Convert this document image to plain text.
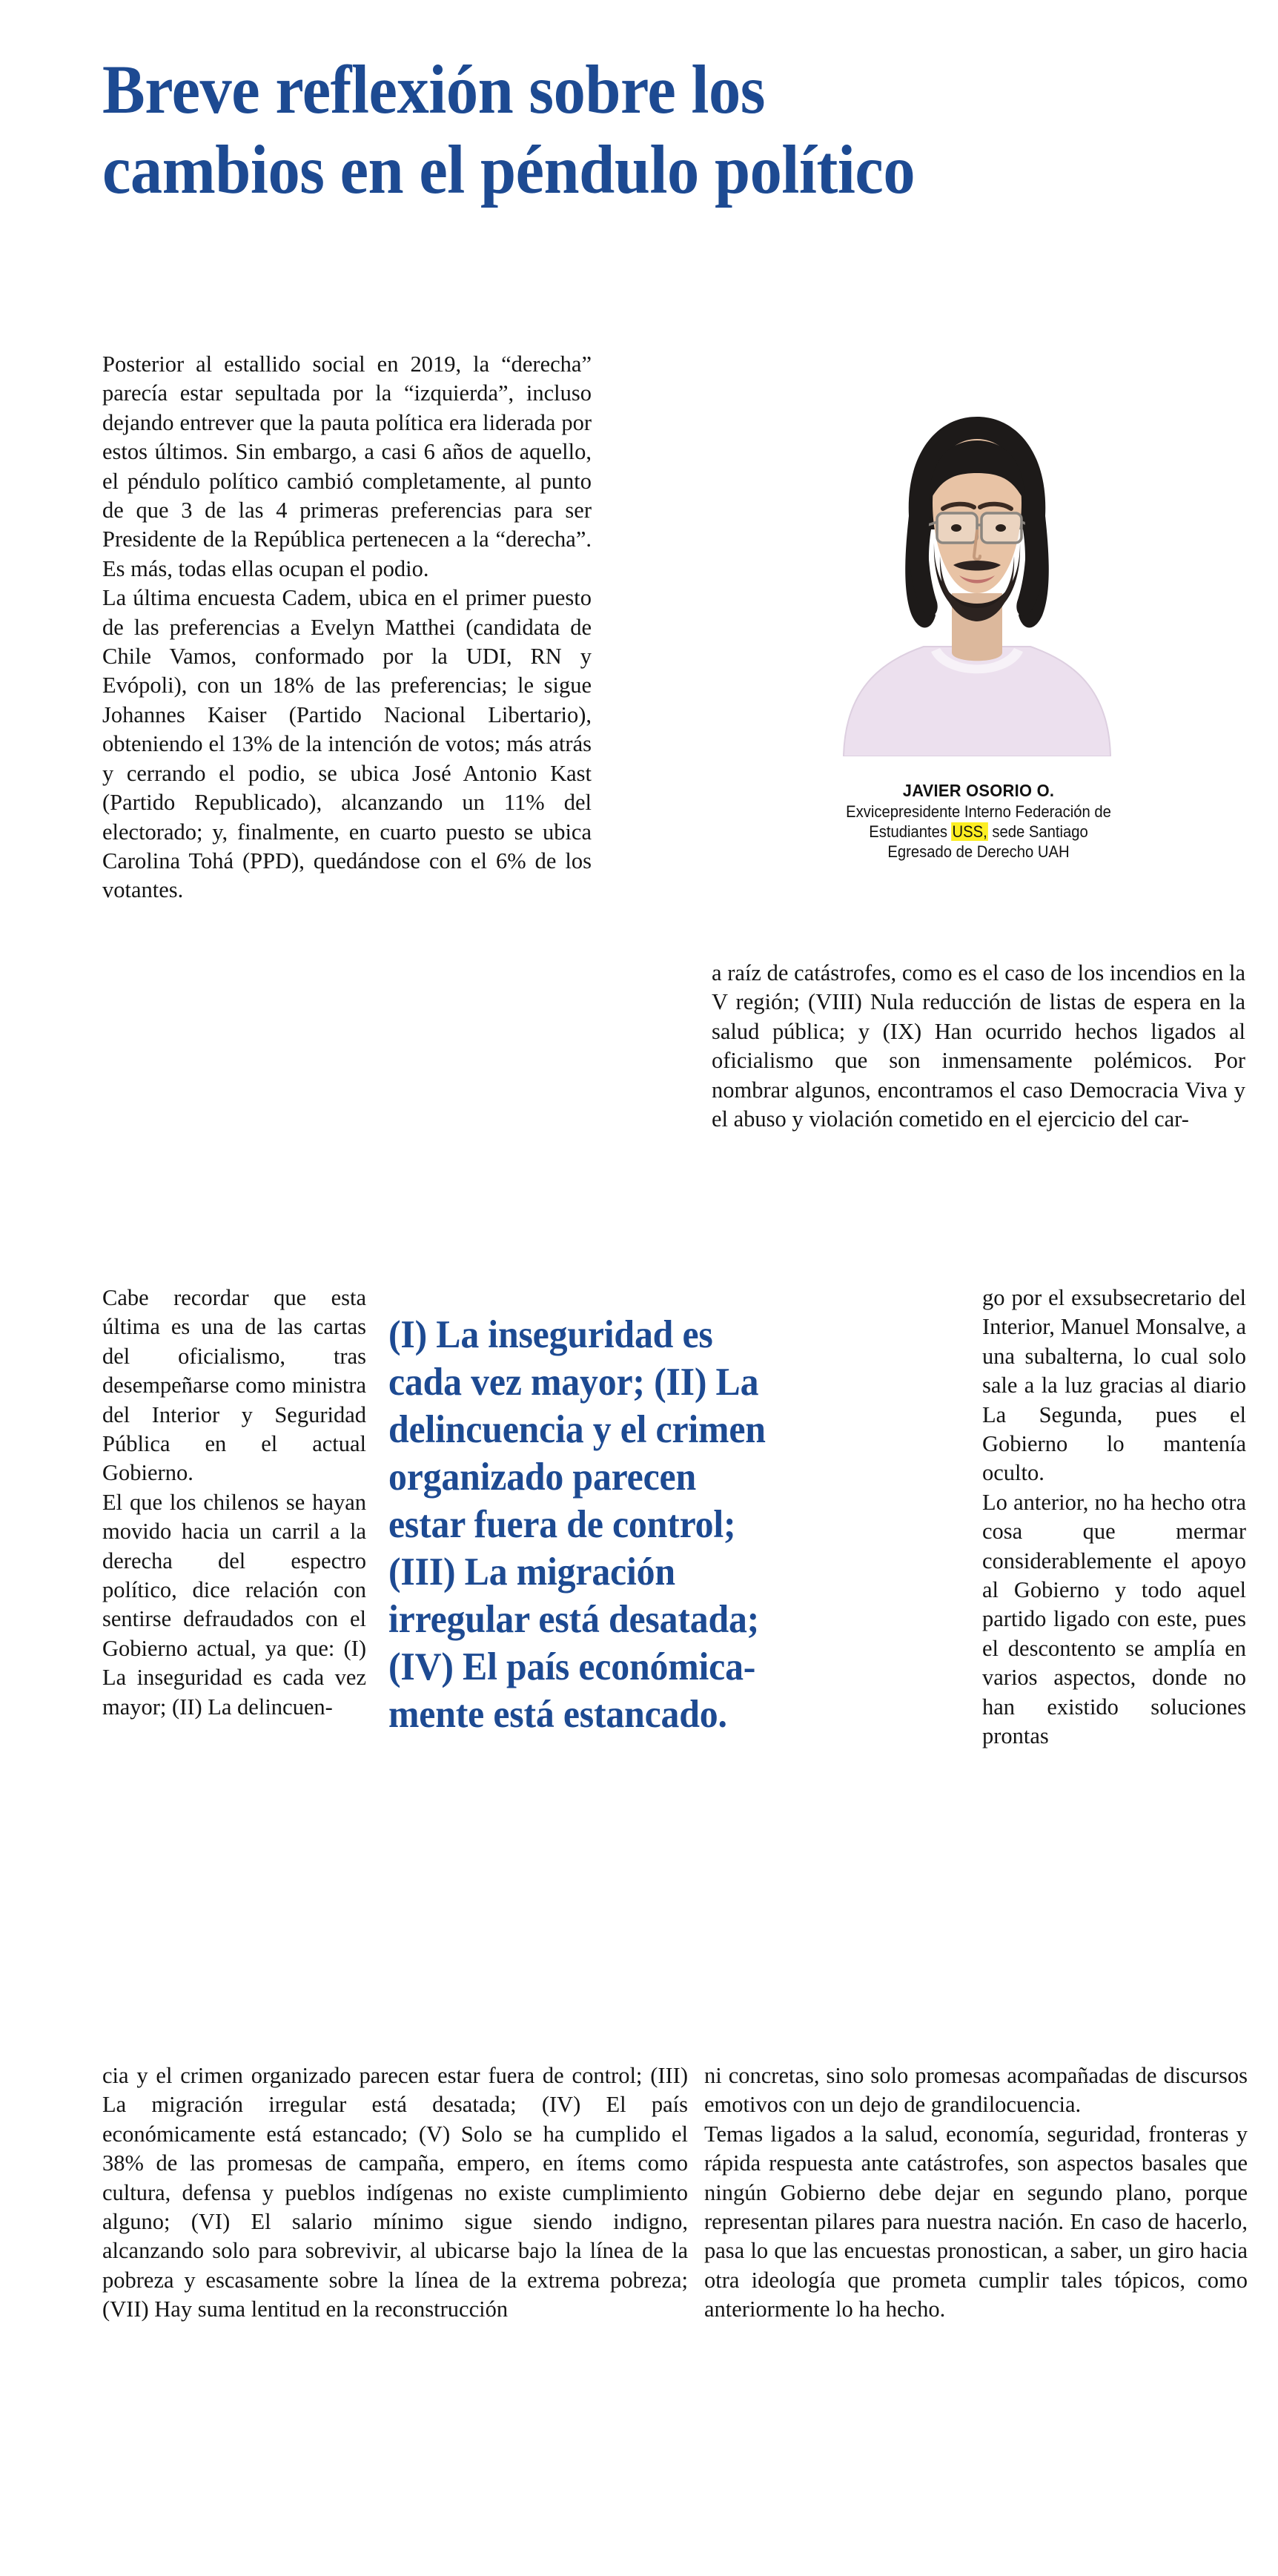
Breve reflexión sobre los
cambios en el péndulo político

Posterior al estallido social en 2019, la “derecha” parecía estar sepultada por la “izquierda”, incluso dejando entrever que la pauta política era liderada por estos últimos. Sin embargo, a casi 6 años de aquello, el péndulo político cambió completamente, al punto de que 3 de las 4 primeras preferencias para ser Presidente de la República pertenecen a la “derecha”. Es más, todas ellas ocupan el podio.

La última encuesta Cadem, ubica en el primer puesto de las preferencias a Evelyn Matthei (candidata de Chile Vamos, conformado por la UDI, RN y Evópoli), con un 18% de las preferencias; le sigue Johannes Kaiser (Partido Nacional Libertario), obteniendo el 13% de la intención de votos; más atrás y cerrando el podio, se ubica José Antonio Kast (Partido Republicado), alcanzando un 11% del electorado; y, finalmente, en cuarto puesto se ubica Carolina Tohá (PPD), quedándose con el 6% de los votantes.

JAVIER OSORIO O.
Exvicepresidente Interno Federación de
Estudiantes USS, sede Santiago
Egresado de Derecho UAH

a raíz de catástrofes, como es el caso de los incendios en la V región; (VIII) Nula reducción de listas de espera en la salud pública; y (IX) Han ocurrido hechos ligados al oficialismo que son inmensamente polémicos. Por nombrar algunos, encontramos el caso Democracia Viva y el abuso y violación cometido en el ejercicio del car-

Cabe recordar que esta última es una de las cartas del oficialismo, tras desempeñarse como ministra del Interior y Seguridad Pública en el actual Gobierno.

El que los chilenos se hayan movido hacia un carril a la derecha del espectro político, dice relación con sentirse defraudados con el Gobierno actual, ya que: (I) La inseguridad es cada vez mayor; (II) La delincuen-

(I) La inseguridad es
cada vez mayor; (II) La
delincuencia y el crimen
organizado parecen
estar fuera de control;
(III) La migración
irregular está desatada;
(IV) El país económica-
mente está estancado.

go por el exsubsecretario del Interior, Manuel Monsalve, a una subalterna, lo cual solo sale a la luz gracias al diario La Segunda, pues el Gobierno lo mantenía oculto.

Lo anterior, no ha hecho otra cosa que mermar considerablemente el apoyo al Gobierno y todo aquel partido ligado con este, pues el descontento se amplía en varios aspectos, donde no han existido soluciones prontas

cia y el crimen organizado parecen estar fuera de control; (III) La migración irregular está desatada; (IV) El país económicamente está estancado; (V) Solo se ha cumplido el 38% de las promesas de campaña, empero, en ítems como cultura, defensa y pueblos indígenas no existe cumplimiento alguno; (VI) El salario mínimo sigue siendo indigno, alcanzando solo para sobrevivir, al ubicarse bajo la línea de la pobreza y escasamente sobre la línea de la extrema pobreza; (VII) Hay suma lentitud en la reconstrucción

ni concretas, sino solo promesas acompañadas de discursos emotivos con un dejo de grandilocuencia.

Temas ligados a la salud, economía, seguridad, fronteras y rápida respuesta ante catástrofes, son aspectos basales que ningún Gobierno debe dejar en segundo plano, porque representan pilares para nuestra nación. En caso de hacerlo, pasa lo que las encuestas pronostican, a saber, un giro hacia otra ideología que prometa cumplir tales tópicos, como anteriormente lo ha hecho.
